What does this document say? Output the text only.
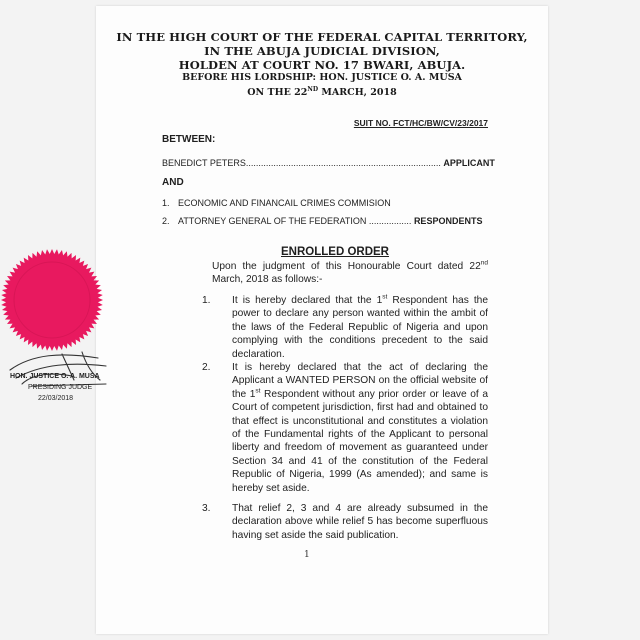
IN THE HIGH COURT OF THE FEDERAL CAPITAL TERRITORY,
IN THE ABUJA JUDICIAL DIVISION,
HOLDEN AT COURT NO. 17 BWARI, ABUJA.
BEFORE HIS LORDSHIP: HON. JUSTICE O. A. MUSA
ON THE 22ND MARCH, 2018
SUIT NO. FCT/HC/BW/CV/23/2017
BETWEEN:
BENEDICT PETERS.............................................................................. APPLICANT
AND
1. ECONOMIC AND FINANCAIL CRIMES COMMISION
2. ATTORNEY GENERAL OF THE FEDERATION ................. RESPONDENTS
ENROLLED ORDER
Upon the judgment of this Honourable Court dated 22nd March, 2018 as follows:-
1. It is hereby declared that the 1st Respondent has the power to declare any person wanted within the ambit of the laws of the Federal Republic of Nigeria and upon complying with the conditions precedent to the said declaration.
2. It is hereby declared that the act of declaring the Applicant a WANTED PERSON on the official website of the 1st Respondent without any prior order or leave of a Court of competent jurisdiction, first had and obtained to that effect is unconstitutional and constitutes a violation of the Fundamental rights of the Applicant to personal liberty and freedom of movement as guaranteed under Section 34 and 41 of the constitution of the Federal Republic of Nigeria, 1999 (As amended); and same is hereby set aside.
3. That relief 2, 3 and 4 are already subsumed in the declaration above while relief 5 has become superfluous having set aside the said publication.
1
HON. JUSTICE O. A. MUSA
PRESIDING JUDGE
22/03/2018
